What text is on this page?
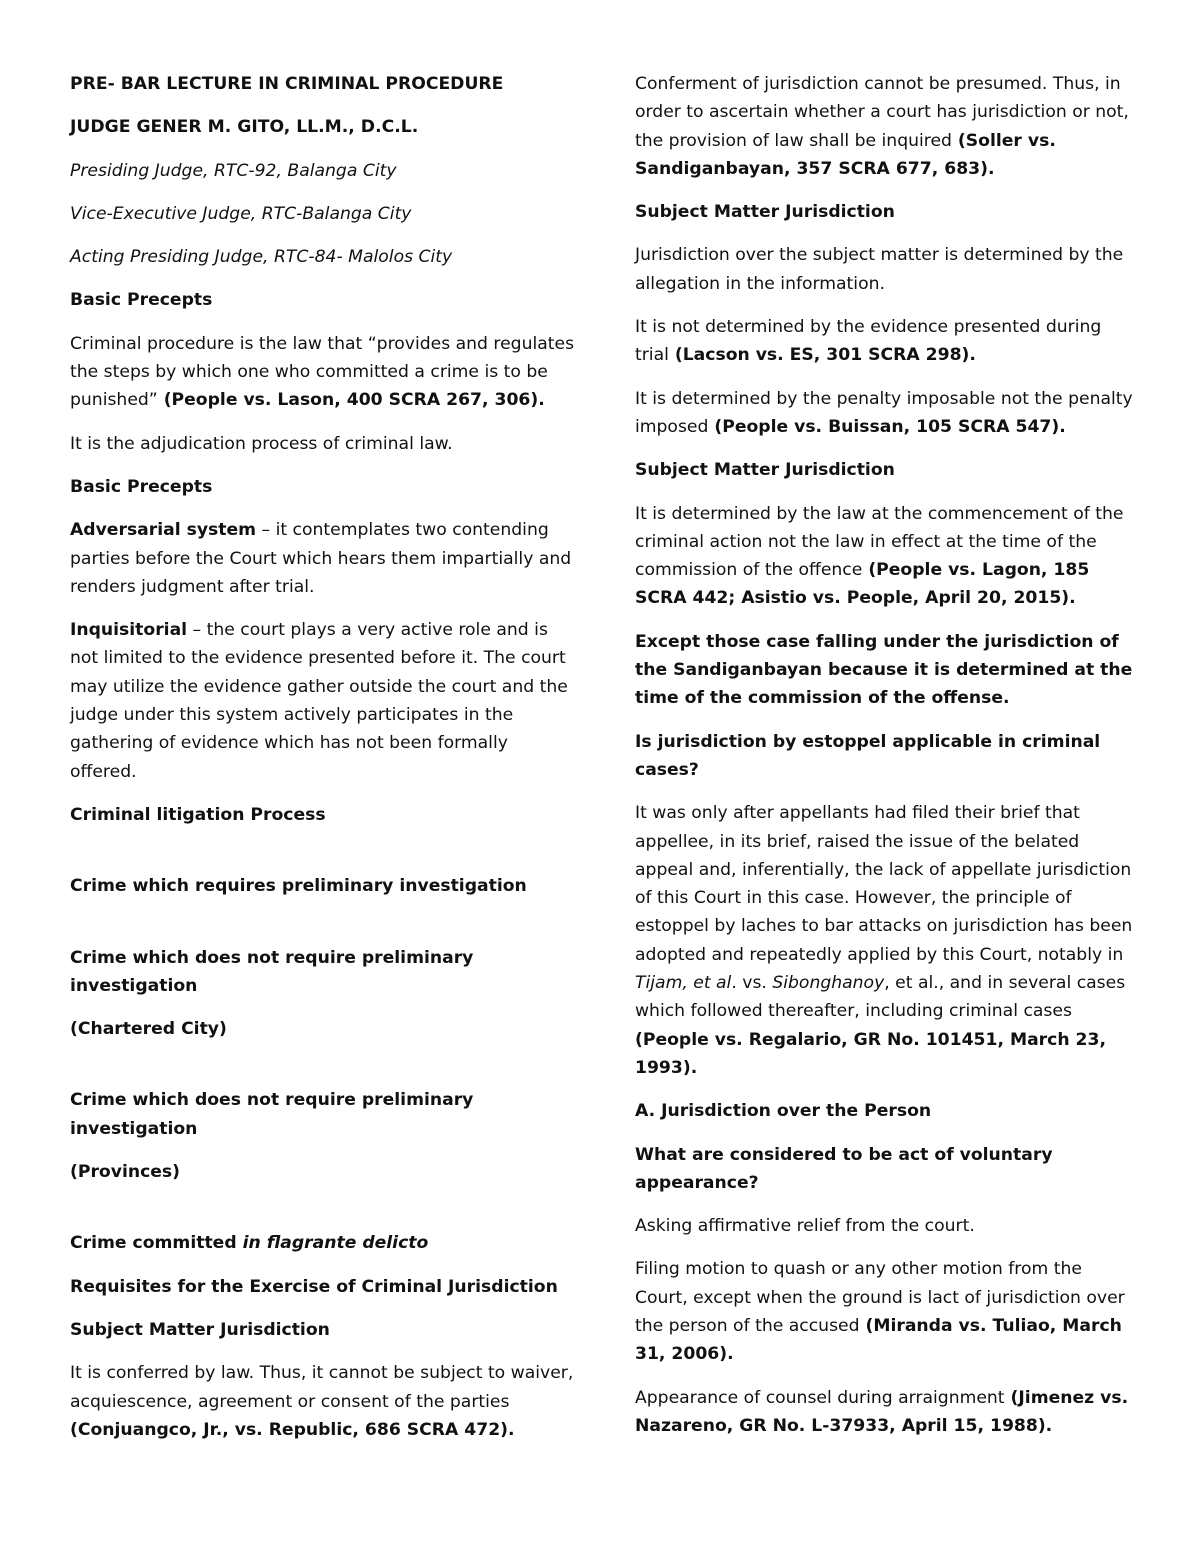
PRE- BAR LECTURE IN CRIMINAL PROCEDURE

JUDGE GENER M. GITO, LL.M., D.C.L.

Presiding Judge, RTC-92, Balanga City

Vice-Executive Judge, RTC-Balanga City

Acting Presiding Judge, RTC-84- Malolos City

Basic Precepts

Criminal procedure is the law that “provides and regulates the steps by which one who committed a crime is to be punished” (People vs. Lason, 400 SCRA 267, 306).

It is the adjudication process of criminal law.

Basic Precepts

Adversarial system – it contemplates two contending parties before the Court which hears them impartially and renders judgment after trial.

Inquisitorial – the court plays a very active role and is not limited to the evidence presented before it. The court may utilize the evidence gather outside the court and the judge under this system actively participates in the gathering of evidence which has not been formally offered.

Criminal litigation Process

Crime which requires preliminary investigation

Crime which does not require preliminary investigation

(Chartered City)

Crime which does not require preliminary investigation

(Provinces)

Crime committed in flagrante delicto

Requisites for the Exercise of Criminal Jurisdiction

Subject Matter Jurisdiction

It is conferred by law. Thus, it cannot be subject to waiver, acquiescence, agreement or consent of the parties (Conjuangco, Jr., vs. Republic, 686 SCRA 472).

Conferment of jurisdiction cannot be presumed. Thus, in order to ascertain whether a court has jurisdiction or not, the provision of law shall be inquired (Soller vs. Sandiganbayan, 357 SCRA 677, 683).

Subject Matter Jurisdiction

Jurisdiction over the subject matter is determined by the allegation in the information.

It is not determined by the evidence presented during trial (Lacson vs. ES, 301 SCRA 298).

It is determined by the penalty imposable not the penalty imposed (People vs. Buissan, 105 SCRA 547).

Subject Matter Jurisdiction

It is determined by the law at the commencement of the criminal action not the law in effect at the time of the commission of the offence (People vs. Lagon, 185 SCRA 442; Asistio vs. People, April 20, 2015).

Except those case falling under the jurisdiction of the Sandiganbayan because it is determined at the time of the commission of the offense.

Is jurisdiction by estoppel applicable in criminal cases?

It was only after appellants had filed their brief that appellee, in its brief, raised the issue of the belated appeal and, inferentially, the lack of appellate jurisdiction of this Court in this case. However, the principle of estoppel by laches to bar attacks on jurisdiction has been adopted and repeatedly applied by this Court, notably in Tijam, et al. vs. Sibonghanoy, et al., and in several cases which followed thereafter, including criminal cases (People vs. Regalario, GR No. 101451, March 23, 1993).

A. Jurisdiction over the Person

What are considered to be act of voluntary appearance?

Asking affirmative relief from the court.

Filing motion to quash or any other motion from the Court, except when the ground is lact of jurisdiction over the person of the accused (Miranda vs. Tuliao, March 31, 2006).

Appearance of counsel during arraignment (Jimenez vs. Nazareno, GR No. L-37933, April 15, 1988).
